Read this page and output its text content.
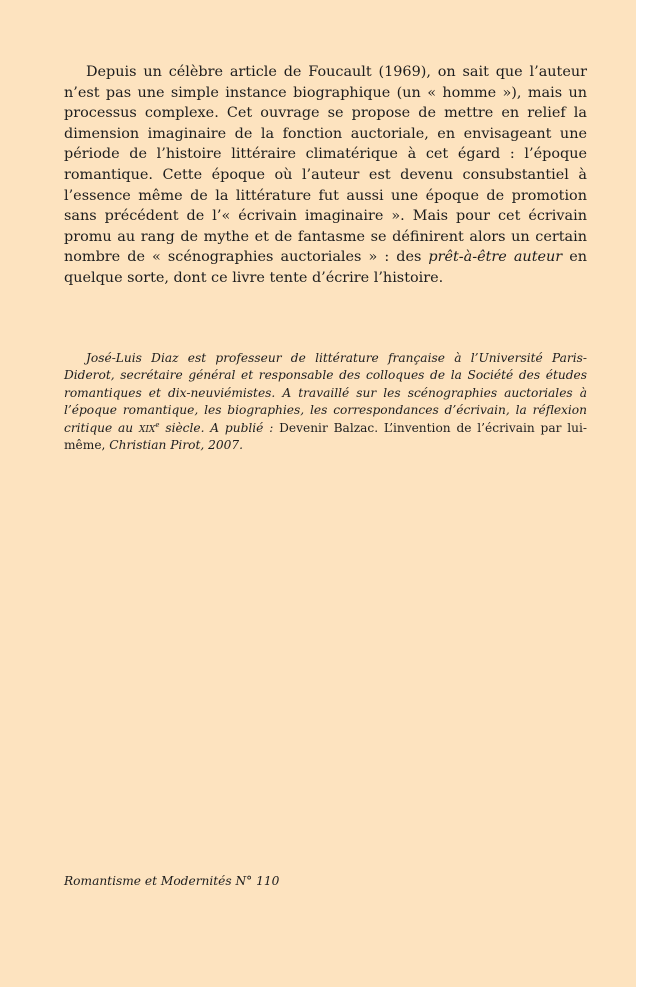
Depuis un célèbre article de Foucault (1969), on sait que l’auteur n’est pas une simple instance biographique (un « homme »), mais un processus complexe. Cet ouvrage se propose de mettre en relief la dimension imaginaire de la fonction auctoriale, en envisageant une période de l’histoire littéraire climatérique à cet égard : l’époque romantique. Cette époque où l’auteur est devenu consubstantiel à l’essence même de la littérature fut aussi une époque de promotion sans précédent de l’« écrivain imaginaire ». Mais pour cet écrivain promu au rang de mythe et de fantasme se définirent alors un certain nombre de « scénographies auctoriales » : des prêt-à-être auteur en quelque sorte, dont ce livre tente d’écrire l’histoire.

José-Luis Diaz est professeur de littérature française à l’Université Paris-Diderot, secrétaire général et responsable des colloques de la Société des études romantiques et dix-neuviémistes. A travaillé sur les scénographies auctoriales à l’époque romantique, les biographies, les correspondances d’écrivain, la réflexion critique au xix$^e$ siècle. A publié : Devenir Balzac. L’invention de l’écrivain par lui-même, Christian Pirot, 2007.

Romantisme et Modernités N° 110
